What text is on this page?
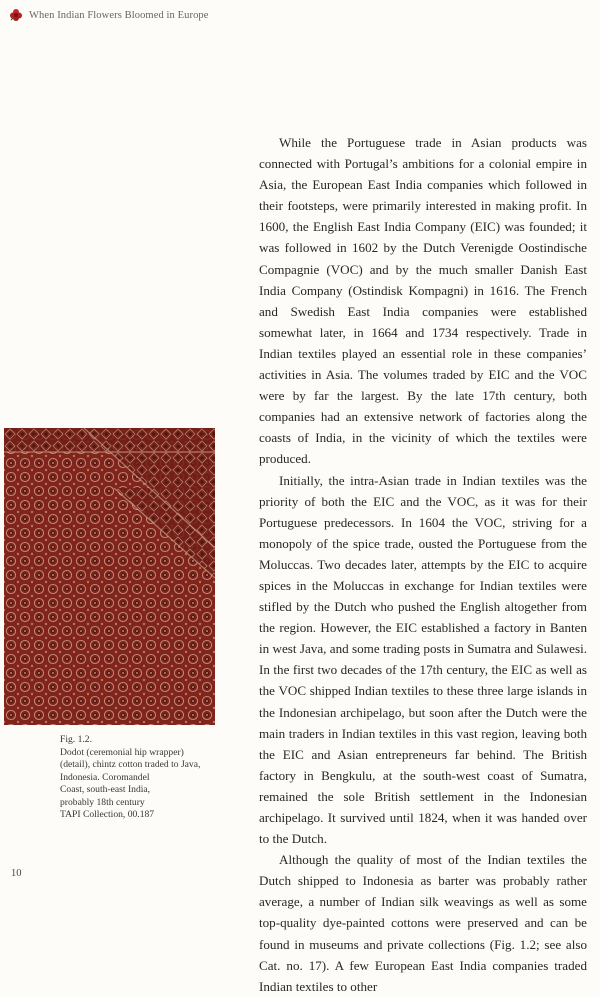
When Indian Flowers Bloomed in Europe

While the Portuguese trade in Asian products was connected with Portugal’s ambitions for a colonial empire in Asia, the European East India companies which followed in their footsteps, were primarily interested in making profit. In 1600, the English East India Company (EIC) was founded; it was followed in 1602 by the Dutch Verenigde Oostindische Compagnie (VOC) and by the much smaller Danish East India Company (Ostindisk Kompagni) in 1616. The French and Swedish East India companies were established somewhat later, in 1664 and 1734 respectively. Trade in Indian textiles played an essential role in these companies’ activities in Asia. The volumes traded by EIC and the VOC were by far the largest. By the late 17th century, both companies had an extensive network of factories along the coasts of India, in the vicinity of which the textiles were produced.

Initially, the intra-Asian trade in Indian textiles was the priority of both the EIC and the VOC, as it was for their Portuguese predecessors. In 1604 the VOC, striving for a monopoly of the spice trade, ousted the Portuguese from the Moluccas. Two decades later, attempts by the EIC to acquire spices in the Moluccas in exchange for Indian textiles were stifled by the Dutch who pushed the English altogether from the region. However, the EIC established a factory in Banten in west Java, and some trading posts in Sumatra and Sulawesi. In the first two decades of the 17th century, the EIC as well as the VOC shipped Indian textiles to these three large islands in the Indonesian archipelago, but soon after the Dutch were the main traders in Indian textiles in this vast region, leaving both the EIC and Asian entrepreneurs far behind. The British factory in Bengkulu, at the south-west coast of Sumatra, remained the sole British settlement in the Indonesian archipelago. It survived until 1824, when it was handed over to the Dutch.

Although the quality of most of the Indian textiles the Dutch shipped to Indonesia as barter was probably rather average, a number of Indian silk weavings as well as some top-quality dye-painted cottons were preserved and can be found in museums and private collections (Fig. 1.2; see also Cat. no. 17). A few European East India companies traded Indian textiles to other

Fig. 1.2.
Dodot (ceremonial hip wrapper)
(detail), chintz cotton traded to Java,
Indonesia. Coromandel
Coast, south-east India,
probably 18th century
TAPI Collection, 00.187
10
